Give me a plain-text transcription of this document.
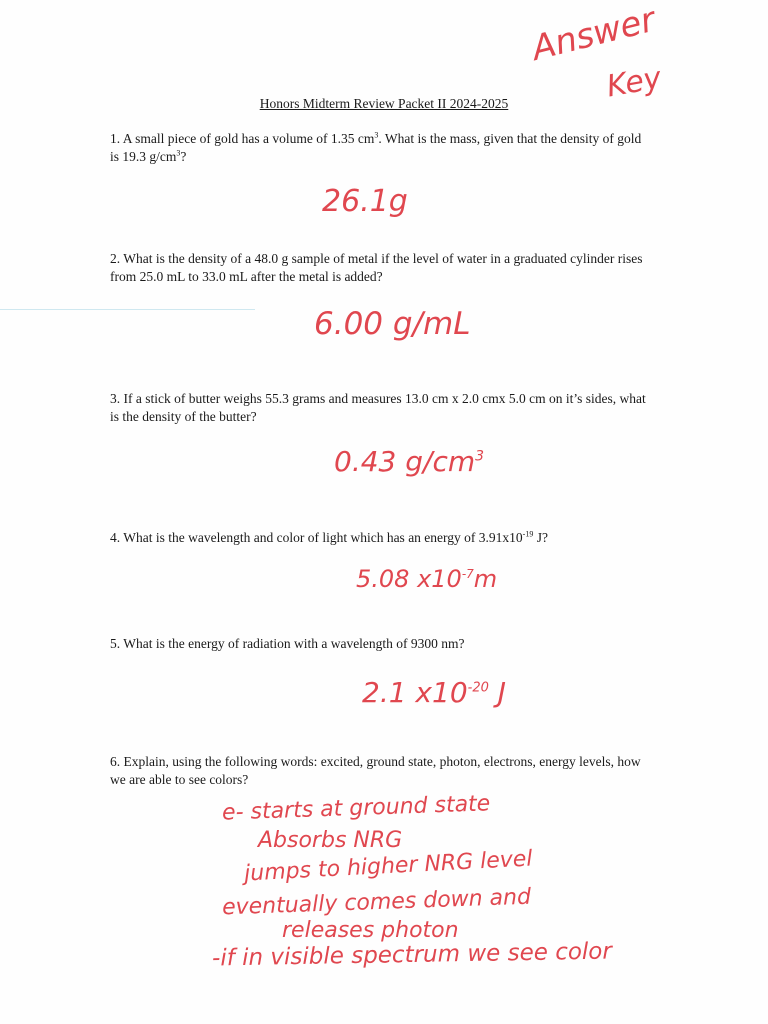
Answer
Key
Honors Midterm Review Packet II 2024-2025
1. A small piece of gold has a volume of 1.35 $cm^3$. What is the mass, given that the density of gold is 19.3 $g/cm^3$?
26.1g
2. What is the density of a 48.0 g sample of metal if the level of water in a graduated cylinder rises from 25.0 mL to 33.0 mL after the metal is added?
6.00 g/mL
3. If a stick of butter weighs 55.3 grams and measures 13.0 cm x 2.0 cmx 5.0 cm on it’s sides, what is the density of the butter?
0.43 $g/cm^3$
4. What is the wavelength and color of light which has an energy of $3.91x10^{-19}$ J?
5.08 $x10^{-7}m$
5. What is the energy of radiation with a wavelength of 9300 nm?
2.1 $x10^{-20}$ J
6. Explain, using the following words: excited, ground state, photon, electrons, energy levels, how we are able to see colors?
e- starts at ground state
Absorbs NRG
jumps to higher NRG level
eventually comes down and
releases photon
-if in visible spectrum we see color
